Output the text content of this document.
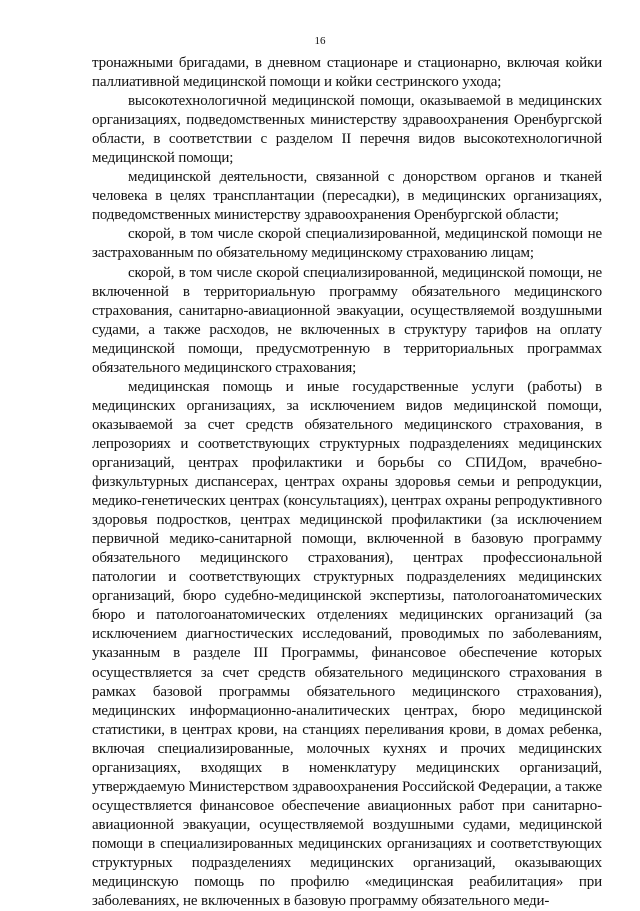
16

тронажными бригадами, в дневном стационаре и стационарно, включая койки паллиативной медицинской помощи и койки сестринского ухода;

высокотехнологичной медицинской помощи, оказываемой в медицинских организациях, подведомственных министерству здравоохранения Оренбургской области, в соответствии с разделом II перечня видов высокотехнологичной медицинской помощи;

медицинской деятельности, связанной с донорством органов и тканей человека в целях трансплантации (пересадки), в медицинских организациях, подведомственных министерству здравоохранения Оренбургской области;

скорой, в том числе скорой специализированной, медицинской помощи не застрахованным по обязательному медицинскому страхованию лицам;

скорой, в том числе скорой специализированной, медицинской помощи, не включенной в территориальную программу обязательного медицинского страхования, санитарно-авиационной эвакуации, осуществляемой воздушными судами, а также расходов, не включенных в структуру тарифов на оплату медицинской помощи, предусмотренную в территориальных программах обязательного медицинского страхования;

медицинская помощь и иные государственные услуги (работы) в медицинских организациях, за исключением видов медицинской помощи, оказываемой за счет средств обязательного медицинского страхования, в лепрозориях и соответствующих структурных подразделениях медицинских организаций, центрах профилактики и борьбы со СПИДом, врачебно-физкультурных диспансерах, центрах охраны здоровья семьи и репродукции, медико-генетических центрах (консультациях), центрах охраны репродуктивного здоровья подростков, центрах медицинской профилактики (за исключением первичной медико-санитарной помощи, включенной в базовую программу обязательного медицинского страхования), центрах профессиональной патологии и соответствующих структурных подразделениях медицинских организаций, бюро судебно-медицинской экспертизы, патологоанатомических бюро и патологоанатомических отделениях медицинских организаций (за исключением диагностических исследований, проводимых по заболеваниям, указанным в разделе III Программы, финансовое обеспечение которых осуществляется за счет средств обязательного медицинского страхования в рамках базовой программы обязательного медицинского страхования), медицинских информационно-аналитических центрах, бюро медицинской статистики, в центрах крови, на станциях переливания крови, в домах ребенка, включая специализированные, молочных кухнях и прочих медицинских организациях, входящих в номенклатуру медицинских организаций, утверждаемую Министерством здравоохранения Российской Федерации, а также осуществляется финансовое обеспечение авиационных работ при санитарно-авиационной эвакуации, осуществляемой воздушными судами, медицинской помощи в специализированных медицинских организациях и соответствующих структурных подразделениях медицинских организаций, оказывающих медицинскую помощь по профилю «медицинская реабилитация» при заболеваниях, не включенных в базовую программу обязательного меди-
